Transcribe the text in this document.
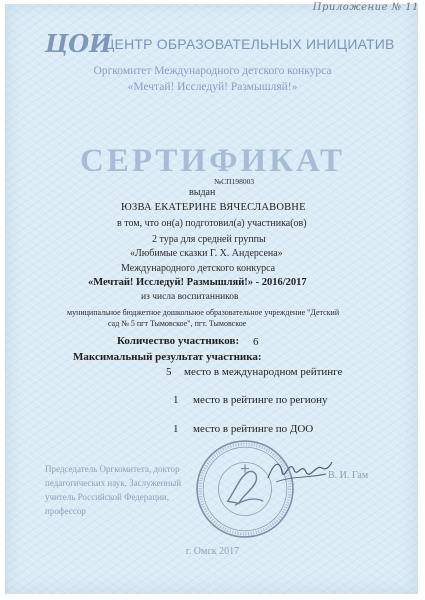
Приложение № 11
ЦОИ
ЦЕНТР ОБРАЗОВАТЕЛЬНЫХ ИНИЦИАТИВ
Оргкомитет Международного детского конкурса
«Мечтай! Исследуй! Размышляй!»
СЕРТИФИКАТ
№СП198003
выдан
ЮЗВА ЕКАТЕРИНЕ ВЯЧЕСЛАВОВНЕ
в том, что он(а) подготовил(а) участника(ов)
2 тура для средней группы
«Любимые сказки Г. Х. Андерсена»
Международного детского конкурса
«Мечтай! Исследуй! Размышляй!» - 2016/2017
из числа воспитанников
муниципальное бюджетное дошкольное образовательное учреждение "Детский
сад № 5 пгт Тымовское", пгт. Тымовское
Количество участников: 6
Максимальный результат участника:
5 место в международном рейтинге
1 место в рейтинге по региону
1 место в рейтинге по ДОО
Председатель Оргкомитета, доктор педагогических наук, Заслуженный учитель Российской Федерации, профессор
В. И. Гам
г. Омск 2017
